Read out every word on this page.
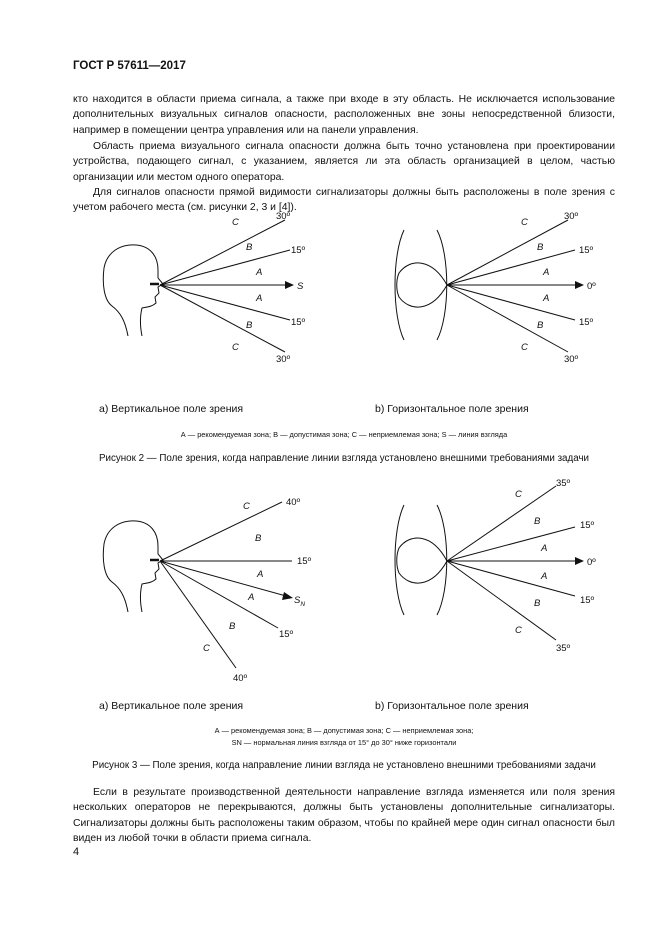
ГОСТ Р 57611—2017
кто находится в области приема сигнала, а также при входе в эту область. Не исключается использование дополнительных визуальных сигналов опасности, расположенных вне зоны непосредственной близости, например в помещении центра управления или на панели управления.
Область приема визуального сигнала опасности должна быть точно установлена при проектировании устройства, подающего сигнал, с указанием, является ли эта область организацией в целом, частью организации или местом одного оператора.
Для сигналов опасности прямой видимости сигнализаторы должны быть расположены в поле зрения с учетом рабочего места (см. рисунки 2, 3 и [4]).
30º
15º
S
15º
30º
C
B
A
A
B
C
30º
15º
0º
15º
30º
C
B
A
A
B
C
а) Вертикальное поле зрения	b) Горизонтальное поле зрения
А — рекомендуемая зона; В — допустимая зона; С — неприемлемая зона; S — линия взгляда
Рисунок 2 — Поле зрения, когда направление линии взгляда установлено внешними требованиями задачи
40º
15º
$S_N$
15º
40º
C
B
A
A
B
C
35º
15º
0º
15º
35º
C
B
A
A
B
C
а) Вертикальное поле зрения	b) Горизонтальное поле зрения
А — рекомендуемая зона; В — допустимая зона; С — неприемлемая зона;
SN — нормальная линия взгляда от 15° до 30° ниже горизонтали
Рисунок 3 — Поле зрения, когда направление линии взгляда не установлено внешними требованиями задачи
Если в результате производственной деятельности направление взгляда изменяется или поля зрения нескольких операторов не перекрываются, должны быть установлены дополнительные сигнализаторы. Сигнализаторы должны быть расположены таким образом, чтобы по крайней мере один сигнал опасности был виден из любой точки в области приема сигнала.
4
